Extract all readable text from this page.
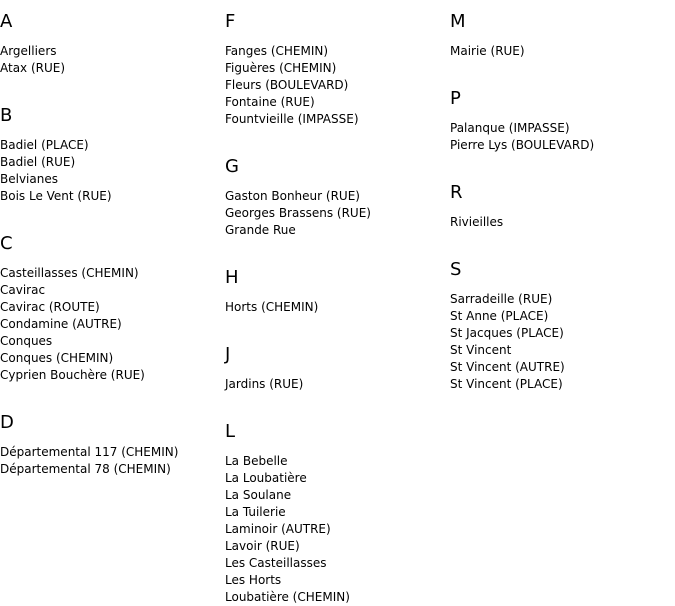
A
Argelliers
Atax (RUE)
B
Badiel (PLACE)
Badiel (RUE)
Belvianes
Bois Le Vent (RUE)
C
Casteillasses (CHEMIN)
Cavirac
Cavirac (ROUTE)
Condamine (AUTRE)
Conques
Conques (CHEMIN)
Cyprien Bouchère (RUE)
D
Départemental 117 (CHEMIN)
Départemental 78 (CHEMIN)
F
Fanges (CHEMIN)
Figuères (CHEMIN)
Fleurs (BOULEVARD)
Fontaine (RUE)
Fountvieille (IMPASSE)
G
Gaston Bonheur (RUE)
Georges Brassens (RUE)
Grande Rue
H
Horts (CHEMIN)
J
Jardins (RUE)
L
La Bebelle
La Loubatière
La Soulane
La Tuilerie
Laminoir (AUTRE)
Lavoir (RUE)
Les Casteillasses
Les Horts
Loubatière (CHEMIN)
M
Mairie (RUE)
P
Palanque (IMPASSE)
Pierre Lys (BOULEVARD)
R
Rivieilles
S
Sarradeille (RUE)
St Anne (PLACE)
St Jacques (PLACE)
St Vincent
St Vincent (AUTRE)
St Vincent (PLACE)
